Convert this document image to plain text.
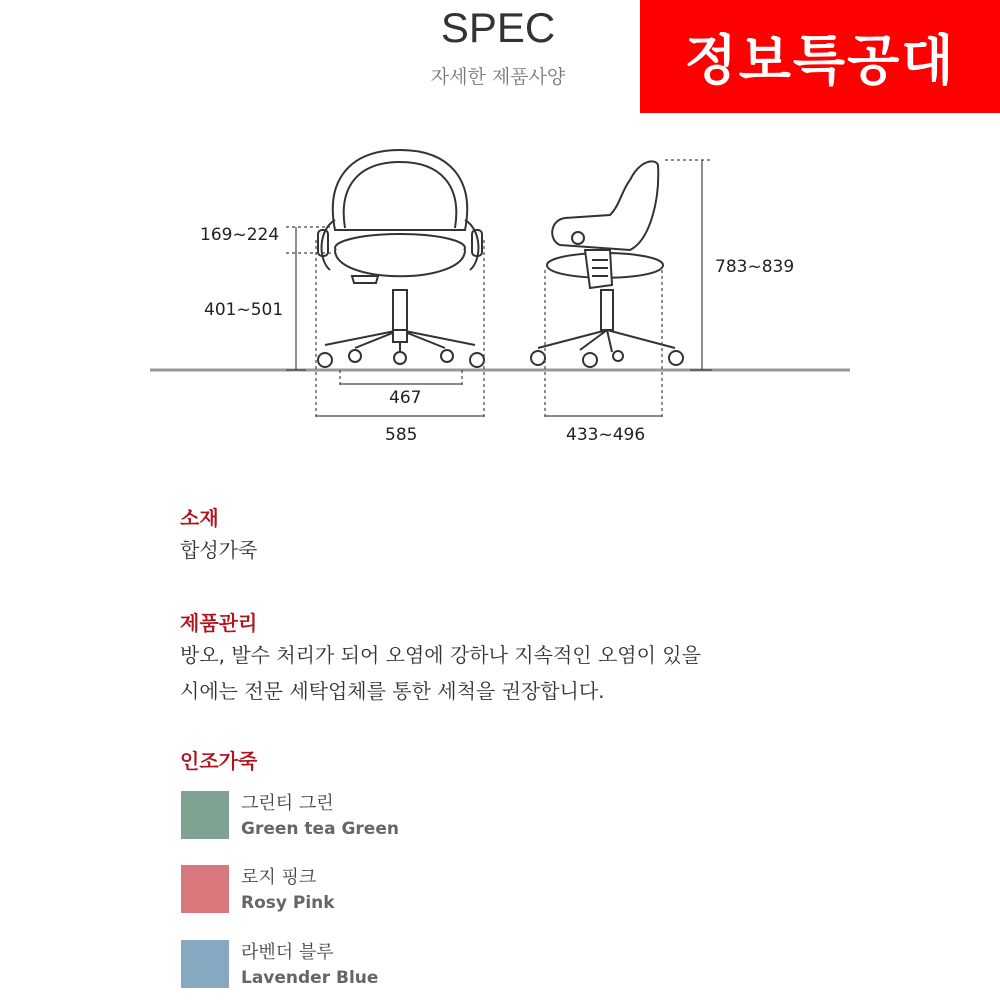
정보특공대
SPEC
자세한 제품사양
169~224
401~501
467
585	433~496
783~839
소재
합성가죽
제품관리
방오, 발수 처리가 되어 오염에 강하나 지속적인 오염이 있을
시에는 전문 세탁업체를 통한 세척을 권장합니다.
인조가죽
그린티 그린
Green tea Green
로지 핑크
Rosy Pink
라벤더 블루
Lavender Blue
